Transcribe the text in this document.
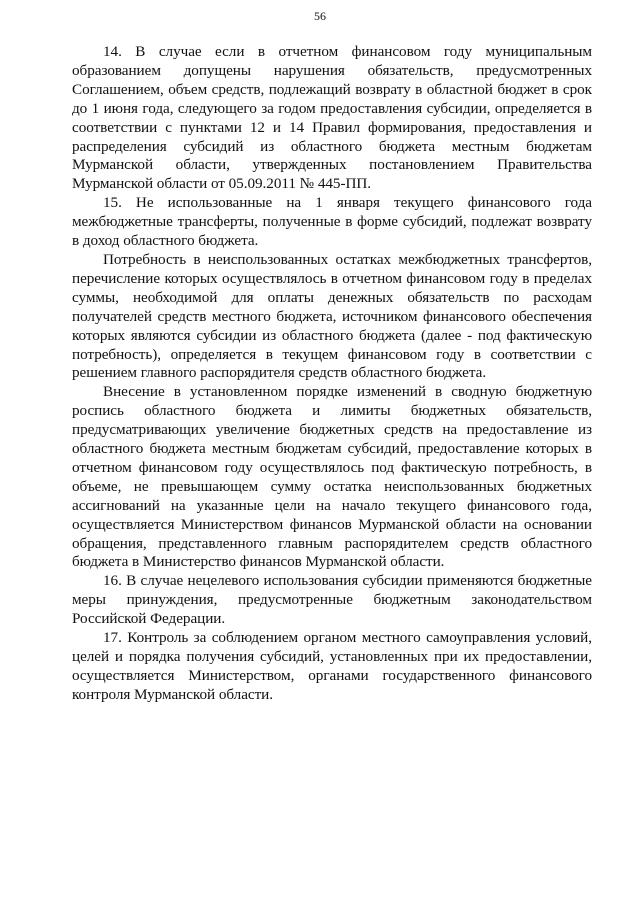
56

14. В случае если в отчетном финансовом году муниципальным образованием допущены нарушения обязательств, предусмотренных Соглашением, объем средств, подлежащий возврату в областной бюджет в срок до 1 июня года, следующего за годом предоставления субсидии, определяется в соответствии с пунктами 12 и 14 Правил формирования, предоставления и распределения субсидий из областного бюджета местным бюджетам Мурманской области, утвержденных постановлением Правительства Мурманской области от 05.09.2011 № 445-ПП.

15. Не использованные на 1 января текущего финансового года межбюджетные трансферты, полученные в форме субсидий, подлежат возврату в доход областного бюджета.

Потребность в неиспользованных остатках межбюджетных трансфертов, перечисление которых осуществлялось в отчетном финансовом году в пределах суммы, необходимой для оплаты денежных обязательств по расходам получателей средств местного бюджета, источником финансового обеспечения которых являются субсидии из областного бюджета (далее - под фактическую потребность), определяется в текущем финансовом году в соответствии с решением главного распорядителя средств областного бюджета.

Внесение в установленном порядке изменений в сводную бюджетную роспись областного бюджета и лимиты бюджетных обязательств, предусматривающих увеличение бюджетных средств на предоставление из областного бюджета местным бюджетам субсидий, предоставление которых в отчетном финансовом году осуществлялось под фактическую потребность, в объеме, не превышающем сумму остатка неиспользованных бюджетных ассигнований на указанные цели на начало текущего финансового года, осуществляется Министерством финансов Мурманской области на основании обращения, представленного главным распорядителем средств областного бюджета в Министерство финансов Мурманской области.

16. В случае нецелевого использования субсидии применяются бюджетные меры принуждения, предусмотренные бюджетным законодательством Российской Федерации.

17. Контроль за соблюдением органом местного самоуправления условий, целей и порядка получения субсидий, установленных при их предоставлении, осуществляется Министерством, органами государственного финансового контроля Мурманской области.
